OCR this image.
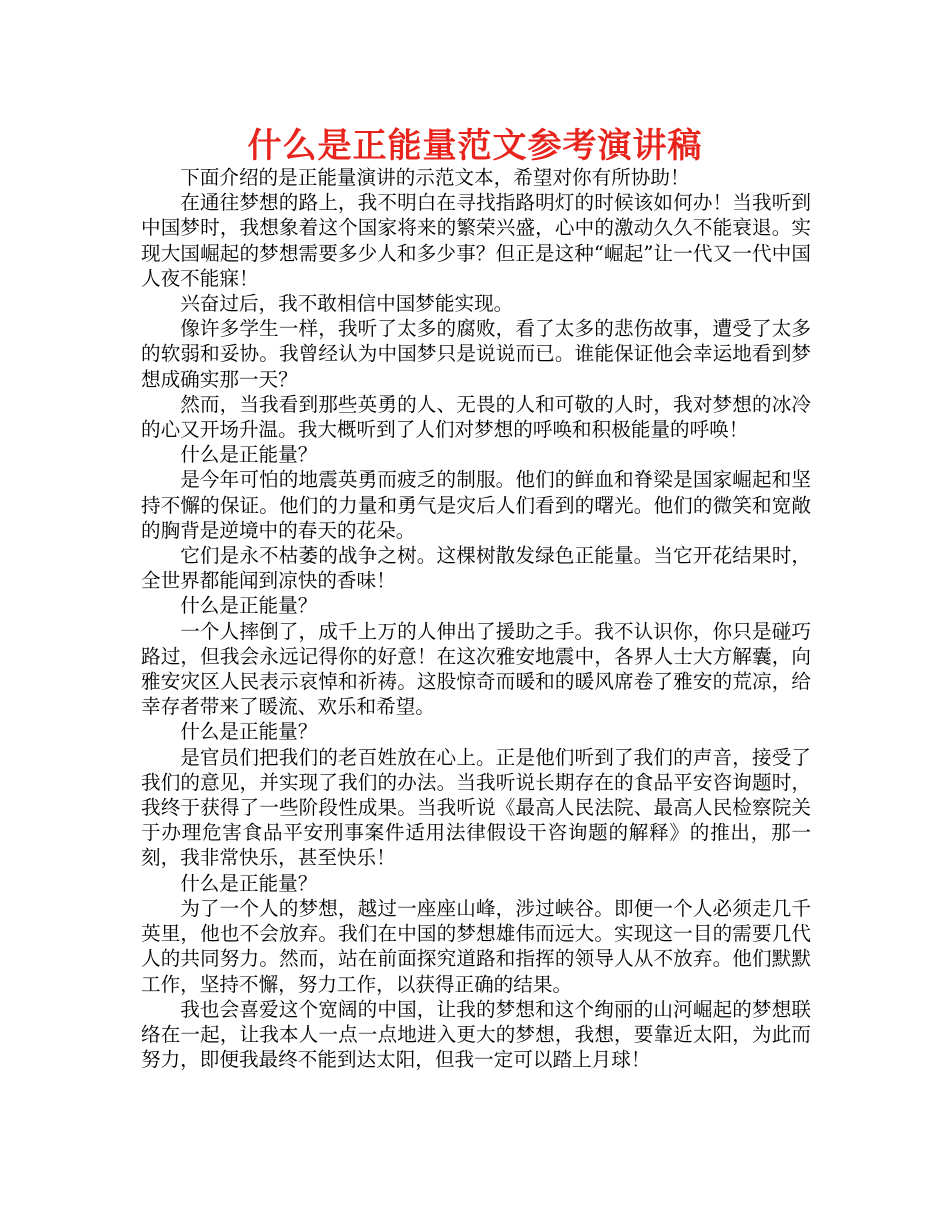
什么是正能量范文参考演讲稿

下面介绍的是正能量演讲的示范文本，希望对你有所协助！

在通往梦想的路上，我不明白在寻找指路明灯的时候该如何办！当我听到中国梦时，我想象着这个国家将来的繁荣兴盛，心中的激动久久不能衰退。实现大国崛起的梦想需要多少人和多少事？但正是这种“崛起”让一代又一代中国人夜不能寐！

兴奋过后，我不敢相信中国梦能实现。

像许多学生一样，我听了太多的腐败，看了太多的悲伤故事，遭受了太多的软弱和妥协。我曾经认为中国梦只是说说而已。谁能保证他会幸运地看到梦想成确实那一天？

然而，当我看到那些英勇的人、无畏的人和可敬的人时，我对梦想的冰冷的心又开场升温。我大概听到了人们对梦想的呼唤和积极能量的呼唤！

什么是正能量？

是今年可怕的地震英勇而疲乏的制服。他们的鲜血和脊梁是国家崛起和坚持不懈的保证。他们的力量和勇气是灾后人们看到的曙光。他们的微笑和宽敞的胸背是逆境中的春天的花朵。

它们是永不枯萎的战争之树。这棵树散发绿色正能量。当它开花结果时，全世界都能闻到凉快的香味！

什么是正能量？

一个人摔倒了，成千上万的人伸出了援助之手。我不认识你，你只是碰巧路过，但我会永远记得你的好意！在这次雅安地震中，各界人士大方解囊，向雅安灾区人民表示哀悼和祈祷。这股惊奇而暖和的暖风席卷了雅安的荒凉，给幸存者带来了暖流、欢乐和希望。

什么是正能量？

是官员们把我们的老百姓放在心上。正是他们听到了我们的声音，接受了我们的意见，并实现了我们的办法。当我听说长期存在的食品平安咨询题时，我终于获得了一些阶段性成果。当我听说《最高人民法院、最高人民检察院关于办理危害食品平安刑事案件适用法律假设干咨询题的解释》的推出，那一刻，我非常快乐，甚至快乐！

什么是正能量？

为了一个人的梦想，越过一座座山峰，涉过峡谷。即便一个人必须走几千英里，他也不会放弃。我们在中国的梦想雄伟而远大。实现这一目的需要几代人的共同努力。然而，站在前面探究道路和指挥的领导人从不放弃。他们默默工作，坚持不懈，努力工作，以获得正确的结果。

我也会喜爱这个宽阔的中国，让我的梦想和这个绚丽的山河崛起的梦想联络在一起，让我本人一点一点地进入更大的梦想，我想，要靠近太阳，为此而努力，即便我最终不能到达太阳，但我一定可以踏上月球！
